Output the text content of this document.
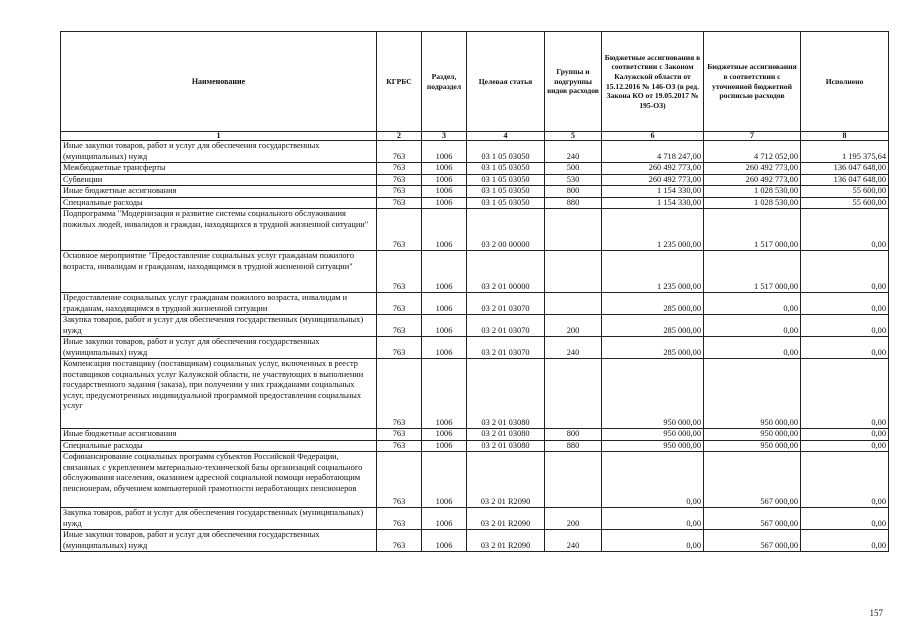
Наименование	КГРБС	Раздел, подраздел	Целевая статья	Группы и подгруппы видов расходов	Бюджетные ассигнования в соответствии с Законом Калужской области от 15.12.2016 № 146-ОЗ (в ред. Закона КО от 19.05.2017 № 195-ОЗ)	Бюджетные ассигнования в соответствии с уточненной бюджетной росписью расходов	Исполнено
1	2	3	4	5	6	7	8
Иные закупки товаров, работ и услуг для обеспечения государственных (муниципальных) нужд	763	1006	03 1 05 03050	240	4 718 247,00	4 712 052,00	1 195 375,64
Межбюджетные трансферты	763	1006	03 1 05 03050	500	260 492 773,00	260 492 773,00	136 047 648,00
Субвенции	763	1006	03 1 05 03050	530	260 492 773,00	260 492 773,00	136 047 648,00
Иные бюджетные ассигнования	763	1006	03 1 05 03050	800	1 154 330,00	1 028 530,00	55 600,00
Специальные расходы	763	1006	03 1 05 03050	880	1 154 330,00	1 028 530,00	55 600,00
Подпрограмма "Модернизация и развитие системы социального обслуживания пожилых людей, инвалидов и граждан, находящихся в трудной жизненной ситуации"	763	1006	03 2 00 00000		1 235 000,00	1 517 000,00	0,00
Основное мероприятие "Предоставление социальных услуг гражданам пожилого возраста, инвалидам и гражданам, находящимся в трудной жизненной ситуации"	763	1006	03 2 01 00000		1 235 000,00	1 517 000,00	0,00
Предоставление социальных услуг гражданам пожилого возраста, инвалидам и гражданам, находящимся в трудной жизненной ситуации	763	1006	03 2 01 03070		285 000,00	0,00	0,00
Закупка товаров, работ и услуг для обеспечения государственных (муниципальных) нужд	763	1006	03 2 01 03070	200	285 000,00	0,00	0,00
Иные закупки товаров, работ и услуг для обеспечения государственных (муниципальных) нужд	763	1006	03 2 01 03070	240	285 000,00	0,00	0,00
Компенсация поставщику (поставщикам) социальных услуг, включенных в реестр поставщиков социальных услуг Калужской области, не участвующих в выполнении государственного задания (заказа), при получении у них гражданами социальных услуг, предусмотренных индивидуальной программой предоставления социальных услуг	763	1006	03 2 01 03080		950 000,00	950 000,00	0,00
Иные бюджетные ассигнования	763	1006	03 2 01 03080	800	950 000,00	950 000,00	0,00
Специальные расходы	763	1006	03 2 01 03080	880	950 000,00	950 000,00	0,00
Софинансирование социальных программ субъектов Российской Федерации, связанных с укреплением материально-технической базы организаций социального обслуживания населения, оказанием адресной социальной помощи неработающим пенсионерам, обучением компьютерной грамотности неработающих пенсионеров	763	1006	03 2 01 R2090		0,00	567 000,00	0,00
Закупка товаров, работ и услуг для обеспечения государственных (муниципальных) нужд	763	1006	03 2 01 R2090	200	0,00	567 000,00	0,00
Иные закупки товаров, работ и услуг для обеспечения государственных (муниципальных) нужд	763	1006	03 2 01 R2090	240	0,00	567 000,00	0,00
157
